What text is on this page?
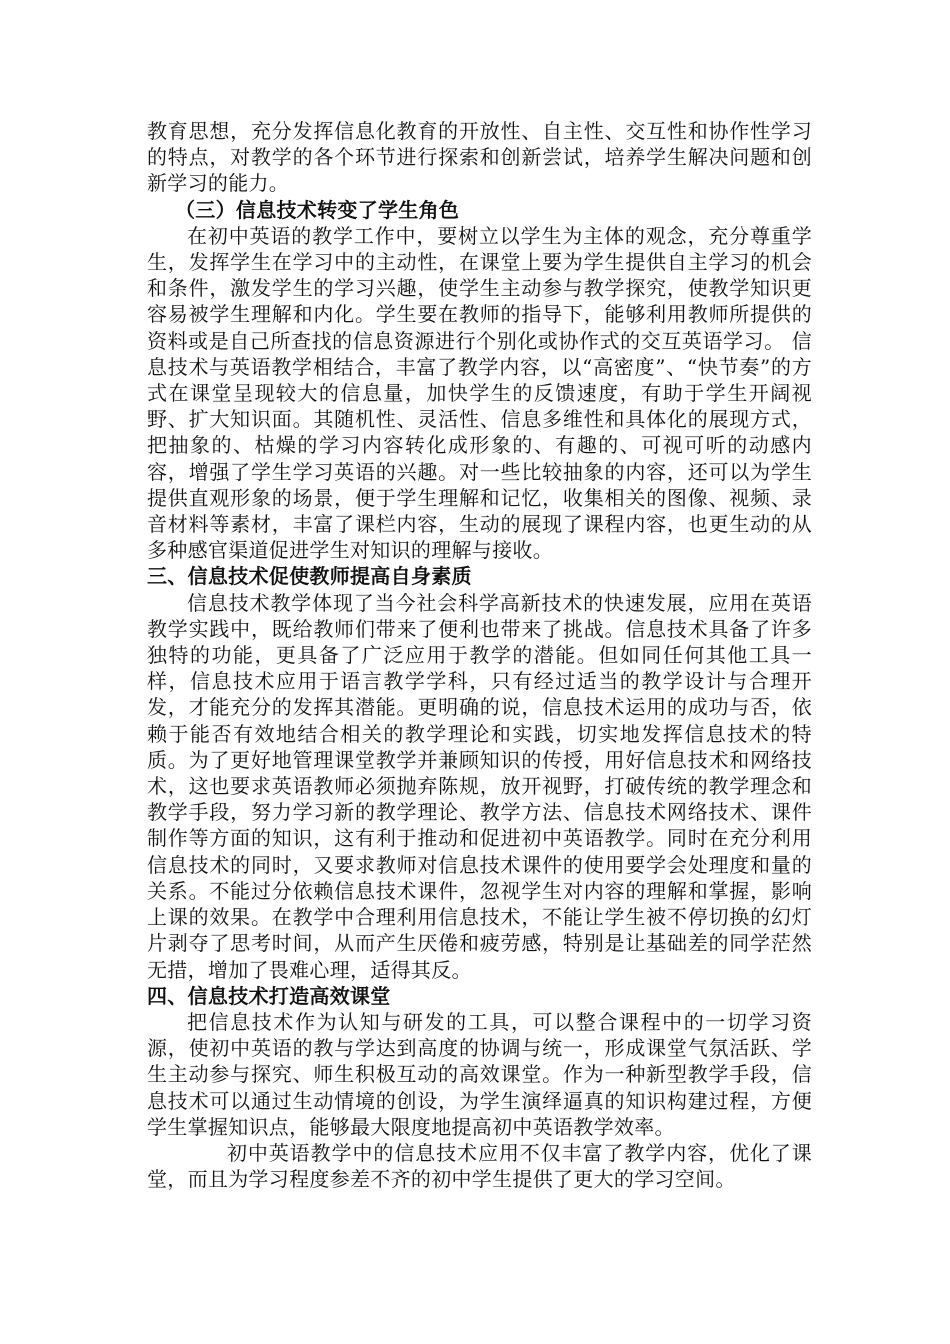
教育思想，充分发挥信息化教育的开放性、自主性、交互性和协作性学习的特点，对教学的各个环节进行探索和创新尝试，培养学生解决问题和创新学习的能力。

（三）信息技术转变了学生角色

在初中英语的教学工作中，要树立以学生为主体的观念，充分尊重学生，发挥学生在学习中的主动性，在课堂上要为学生提供自主学习的机会和条件，激发学生的学习兴趣，使学生主动参与教学探究，使教学知识更容易被学生理解和内化。学生要在教师的指导下，能够利用教师所提供的资料或是自己所查找的信息资源进行个别化或协作式的交互英语学习。 信息技术与英语教学相结合，丰富了教学内容，以“高密度”、“快节奏”的方式在课堂呈现较大的信息量，加快学生的反馈速度，有助于学生开阔视野、扩大知识面。其随机性、灵活性、信息多维性和具体化的展现方式，把抽象的、枯燥的学习内容转化成形象的、有趣的、可视可听的动感内容，增强了学生学习英语的兴趣。对一些比较抽象的内容，还可以为学生提供直观形象的场景，便于学生理解和记忆，收集相关的图像、视频、录音材料等素材，丰富了课栏内容，生动的展现了课程内容，也更生动的从多种感官渠道促进学生对知识的理解与接收。

三、信息技术促使教师提高自身素质

信息技术教学体现了当今社会科学高新技术的快速发展，应用在英语教学实践中，既给教师们带来了便利也带来了挑战。信息技术具备了许多独特的功能，更具备了广泛应用于教学的潜能。但如同任何其他工具一样，信息技术应用于语言教学学科，只有经过适当的教学设计与合理开发，才能充分的发挥其潜能。更明确的说，信息技术运用的成功与否，依赖于能否有效地结合相关的教学理论和实践，切实地发挥信息技术的特质。为了更好地管理课堂教学并兼顾知识的传授，用好信息技术和网络技术，这也要求英语教师必须抛弃陈规，放开视野，打破传统的教学理念和教学手段，努力学习新的教学理论、教学方法、信息技术网络技术、课件制作等方面的知识，这有利于推动和促进初中英语教学。同时在充分利用信息技术的同时，又要求教师对信息技术课件的使用要学会处理度和量的关系。不能过分依赖信息技术课件，忽视学生对内容的理解和掌握，影响上课的效果。在教学中合理利用信息技术，不能让学生被不停切换的幻灯片剥夺了思考时间，从而产生厌倦和疲劳感，特别是让基础差的同学茫然无措，增加了畏难心理，适得其反。

四、信息技术打造高效课堂

把信息技术作为认知与研发的工具，可以整合课程中的一切学习资源，使初中英语的教与学达到高度的协调与统一，形成课堂气氛活跃、学生主动参与探究、师生积极互动的高效课堂。作为一种新型教学手段，信息技术可以通过生动情境的创设，为学生演绎逼真的知识构建过程，方便学生掌握知识点，能够最大限度地提高初中英语教学效率。

初中英语教学中的信息技术应用不仅丰富了教学内容，优化了课堂，而且为学习程度参差不齐的初中学生提供了更大的学习空间。
